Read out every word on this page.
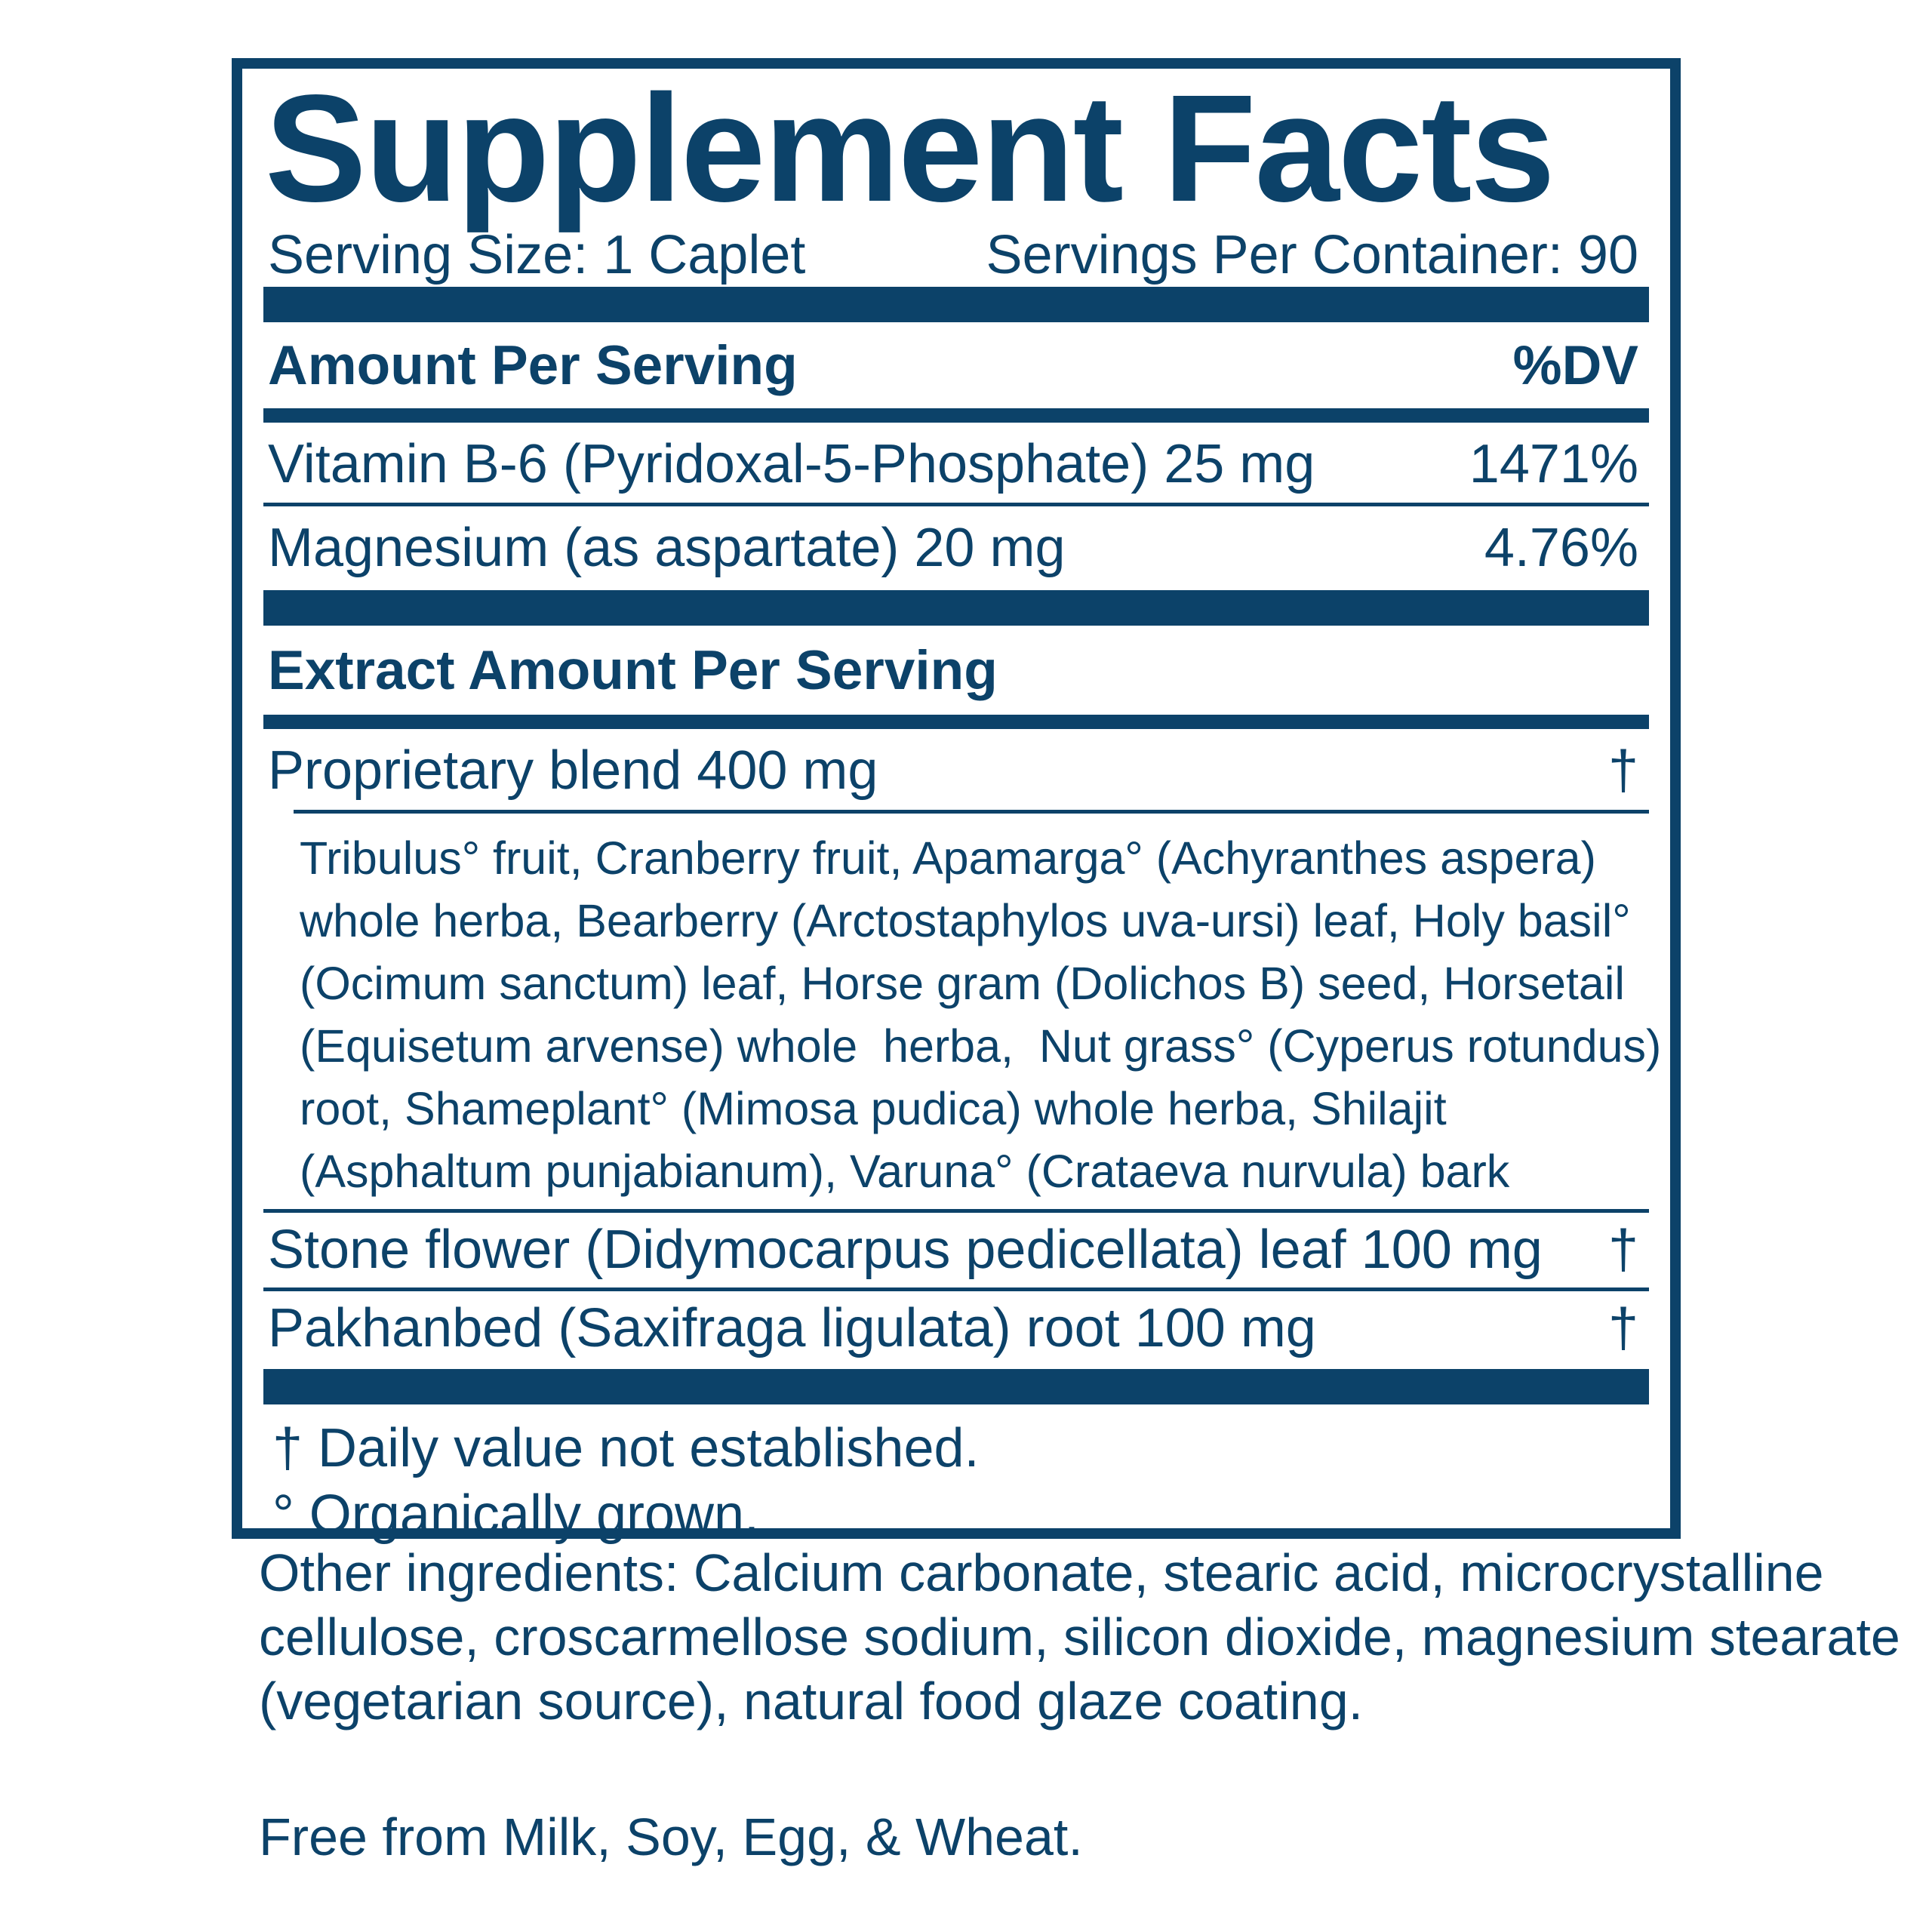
Supplement Facts
Serving Size: 1 Caplet	Servings Per Container: 90
Amount Per Serving	%DV
Vitamin B-6 (Pyridoxal-5-Phosphate) 25 mg	1471%
Magnesium (as aspartate) 20 mg	4.76%
Extract Amount Per Serving
Proprietary blend 400 mg	†
Tribulus° fruit, Cranberry fruit, Apamarga° (Achyranthes aspera)
whole herba, Bearberry (Arctostaphylos uva-ursi) leaf, Holy basil°
(Ocimum sanctum) leaf, Horse gram (Dolichos B) seed, Horsetail
(Equisetum arvense) whole  herba,  Nut grass° (Cyperus rotundus)
root, Shameplant° (Mimosa pudica) whole herba, Shilajit
(Asphaltum punjabianum), Varuna° (Crataeva nurvula) bark
Stone flower (Didymocarpus pedicellata) leaf 100 mg †
Pakhanbed (Saxifraga ligulata) root 100 mg	†
† Daily value not established.
° Organically grown.
Other ingredients: Calcium carbonate, stearic acid, microcrystalline
cellulose, croscarmellose sodium, silicon dioxide, magnesium stearate
(vegetarian source), natural food glaze coating.
Free from Milk, Soy, Egg, & Wheat.
